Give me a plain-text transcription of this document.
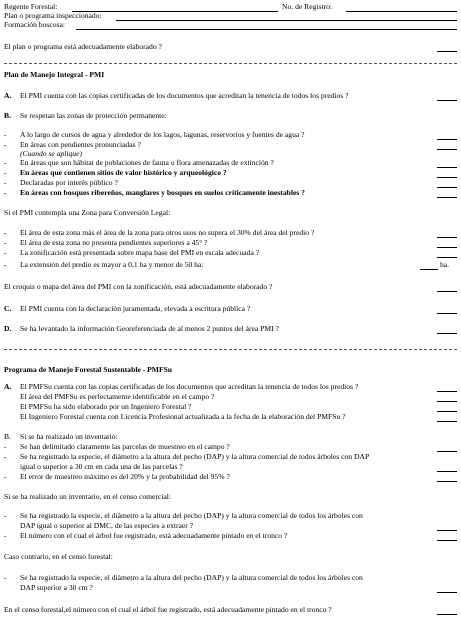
Regente Forestal:	No. de Registro:
Plan o programa inspeccionado:
Formación boscosa:
El plan o programa está adecuadamente elaborado ?
Plan de Manejo Integral - PMI
A. El PMI cuenta con las copias certificadas de los documentos que acreditan la tenencia de todos los predios ?
B. Se respetan las zonas de protección permanente:
- A lo largo de cursos de agua y alrededor de los lagos, lagunas, reservorios y fuentes de agua ?
- En áreas con pendientes pronunciadas ?
(Cuando se aplique)
- En áreas que son hábitat de poblaciones de fauna o flora amenazadas de extinción ?
- En áreas que contienen sitios de valor histórico y arqueológico ?
- Declaradas por interés público ?
- En áreas con bosques ribereños, manglares y bosques en suelos críticamente inestables ?
Si el PMI contempla una Zona para Conversión Legal:
- El área de esta zona más el área de la zona para otros usos no supera el 30% del área del predio ?
- El área de esta zona no presenta pendientes superiores a 45° ?
- La zonificación está presentada sobre mapa base del PMI en escala adecuada ?
- La extensión del predio es mayor a 0,1 ha y menor de 50 ha:	ha.
El croquis o mapa del área del PMI con la zonificación, está adecuadamente elaborado ?
C. El PMI cuenta con la declaración juramentada, elevada a escritura pública ?
D. Se ha levantado la información Georeferenciada de al menos 2 puntos del área PMI ?
Programa de Manejo Forestal Sustentable - PMFSu
A. El PMFSu cuenta con las copias certificadas de los documentos que acreditan la tenencia de todos los predios ?
El área del PMFSu es perfectamente identificable en el campo ?
El PMFSu ha sido elaborado por un Ingeniero Forestal ?
El Ingeniero Forestal cuenta con Licencia Profesional actualizada a la fecha de la elaboración del PMFSu ?
B. Si se ha realizado un inventario:
- Se han delimitado claramente las parcelas de muestreo en el campo ?
- Se ha registrado la especie, el diámetro a la altura del pecho (DAP) y la altura comercial de todos árboles con DAP
igual o superior a 30 cm en cada una de las parcelas ?
- El error de muestreo máximo es del 20% y la probabilidad del 95% ?
Si se ha realizado un inventario, en el censo comercial:
- Se ha registrado la especie, el diámetro a la altura del pecho (DAP) y la altura comercial de todos los árboles con
DAP igual o superior al DMC, de las especies a extraer ?
- El número con el cual el árbol fue registrado, está adecuadamente pintado en el tronco ?
Caso contrario, en el censo forestal:
- Se ha registrado la especie, el diámetro a la altura del pecho (DAP) y la altura comercial de todos los árboles con
DAP superior a 30 cm ?
En el censo forestal,el número con el cual el árbol fue registrado, está adecuadamente pintado en el tronco ?
